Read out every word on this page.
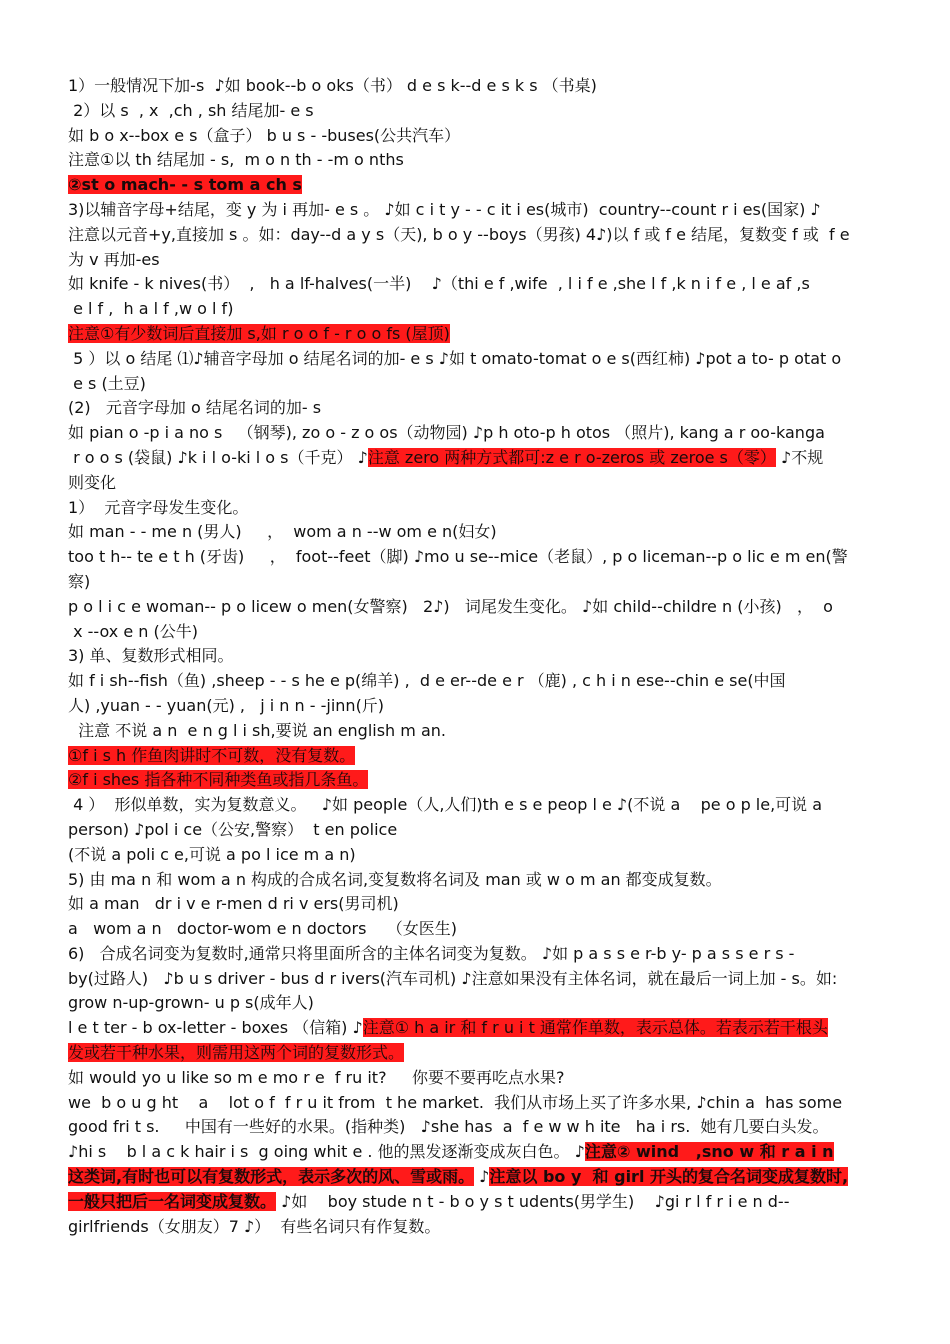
1）一般情况下加-s  ♪如 book--b o oks（书） d e s k--d e s k s （书桌)
2）以 s  , x  ,ch , sh 结尾加- e s
如 b o x--box e s（盒子） b u s - -buses(公共汽车）
注意①以 th 结尾加 - s,  m o n th - -m o nths
②st o mach- - s tom a ch s
3)以辅音字母+结尾，变 y 为 i 再加- e s 。 ♪如 c i t y - - c it i es(城市)  country--count r i es(国家) ♪
注意以元音+y,直接加 s 。如：day--d a y s（天), b o y --boys（男孩) 4♪)以 f 或 f e 结尾，复数变 f 或  f e
为 v 再加-es
如 knife - k nives(书）  ,   h a lf-halves(一半)    ♪（thi e f ,wife  , l i f e ,she l f ,k n i f e , l e af ,s
e l f ,  h a l f ,w o l f)
注意①有少数词后直接加 s,如 r o o f - r o o fs (屋顶)
5 ）以 o 结尾 ⑴♪辅音字母加 o 结尾名词的加- e s ♪如 t omato-tomat o e s(西红柿) ♪pot a to- p otat o
e s (土豆)
(2)   元音字母加 o 结尾名词的加- s
如 pian o -p i a no s   （钢琴), zo o - z o os（动物园) ♪p h oto-p h otos （照片), kang a r oo-kanga
r o o s (袋鼠) ♪k i l o-ki l o s（千克） ♪注意 zero 两种方式都可:z e r o-zeros 或 zeroe s（零） ♪不规
则变化
1）  元音字母发生变化。
如 man - - me n (男人)     ，  wom a n --w om e n(妇女)
too t h-- te e t h (牙齿)     ，  foot--feet（脚) ♪mo u se--mice（老鼠）, p o liceman--p o lic e m en(警
察)
p o l i c e woman-- p o licew o men(女警察)   2♪)   词尾发生变化。 ♪如 child--childre n (小孩)   ，  o
x --ox e n (公牛)
3) 单、复数形式相同。
如 f i sh--fish（鱼) ,sheep - - s he e p(绵羊) ,  d e er--de e r （鹿) , c h i n ese--chin e se(中国
人) ,yuan - - yuan(元) ,   j i n n - -jinn(斤)
注意 不说 a n  e n g l i sh,要说 an english m an.
①f i s h 作鱼肉讲时不可数，没有复数。
②f i shes 指各种不同种类鱼或指几条鱼。
4 ）  形似单数，实为复数意义。   ♪如 people（人,人们)th e s e peop l e ♪(不说 a    pe o p le,可说 a
person) ♪pol i ce（公安,警察）  t en police
(不说 a poli c e,可说 a po l ice m a n)
5) 由 ma n 和 wom a n 构成的合成名词,变复数将名词及 man 或 w o m an 都变成复数。
如 a man   dr i v e r-men d ri v ers(男司机)
a   wom a n   doctor-wom e n doctors    （女医生)
6)   合成名词变为复数时,通常只将里面所含的主体名词变为复数。 ♪如 p a s s e r-b y- p a s s e r s -
by(过路人)   ♪b u s driver - bus d r ivers(汽车司机) ♪注意如果没有主体名词，就在最后一词上加 - s。如:
grow n-up-grown- u p s(成年人)
l e t ter - b ox-letter - boxes （信箱) ♪注意① h a ir 和 f r u i t 通常作单数，表示总体。若表示若干根头
发或若干种水果，则需用这两个词的复数形式。
如 would yo u like so m e mo r e  f ru it?     你要不要再吃点水果?
we  b o u g ht    a    lot o f  f r u it from  t he market.  我们从市场上买了许多水果, ♪chin a  has some
good fri t s.     中国有一些好的水果。(指种类)   ♪she has  a  f e w w h ite   ha i rs.  她有几要白头发。
♪hi s    b l a c k hair i s  g oing whit e . 他的黑发逐渐变成灰白色。 ♪注意② wind   ,sno w 和 r a i n
这类词,有时也可以有复数形式，表示多次的风、雪或雨。 ♪注意以 bo y  和 girl 开头的复合名词变成复数时,
一般只把后一名词变成复数。 ♪如    boy stude n t - b o y s t udents(男学生)    ♪gi r l f r i e n d--
girlfriends（女朋友）7 ♪）  有些名词只有作复数。
